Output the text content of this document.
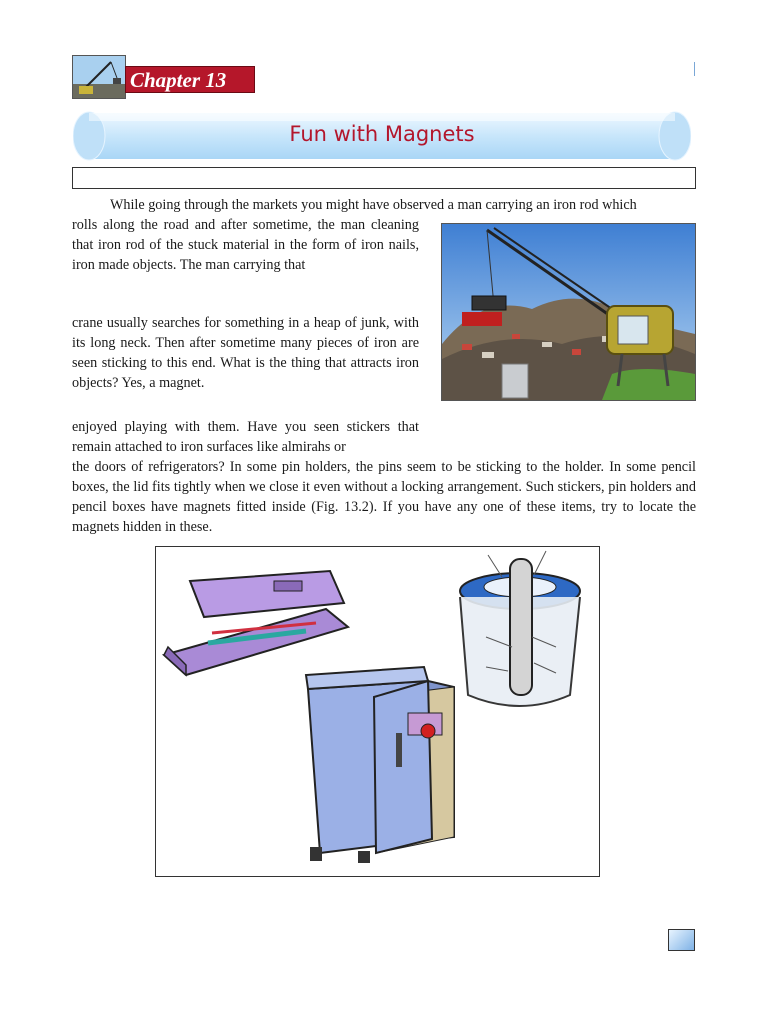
Chapter 13
Fun with Magnets

While going through the markets you might have observed a man carrying an iron rod which

rolls along the road and after sometime, the man cleaning that iron rod of the stuck material in the form of iron nails, iron made objects. The man carrying that

crane usually searches for something in a heap of junk, with its long neck. Then after sometime many pieces of iron are seen sticking to this end. What is the thing that attracts iron objects? Yes, a magnet.

enjoyed playing with them. Have you seen stickers that remain attached to iron surfaces like almirahs or

the doors of refrigerators? In some pin holders, the pins seem to be sticking to the holder. In some pencil boxes, the lid fits tightly when we close it even without a locking arrangement. Such stickers, pin holders and pencil boxes have magnets fitted inside (Fig. 13.2). If you have any one of these items, try to locate the magnets hidden in these.
